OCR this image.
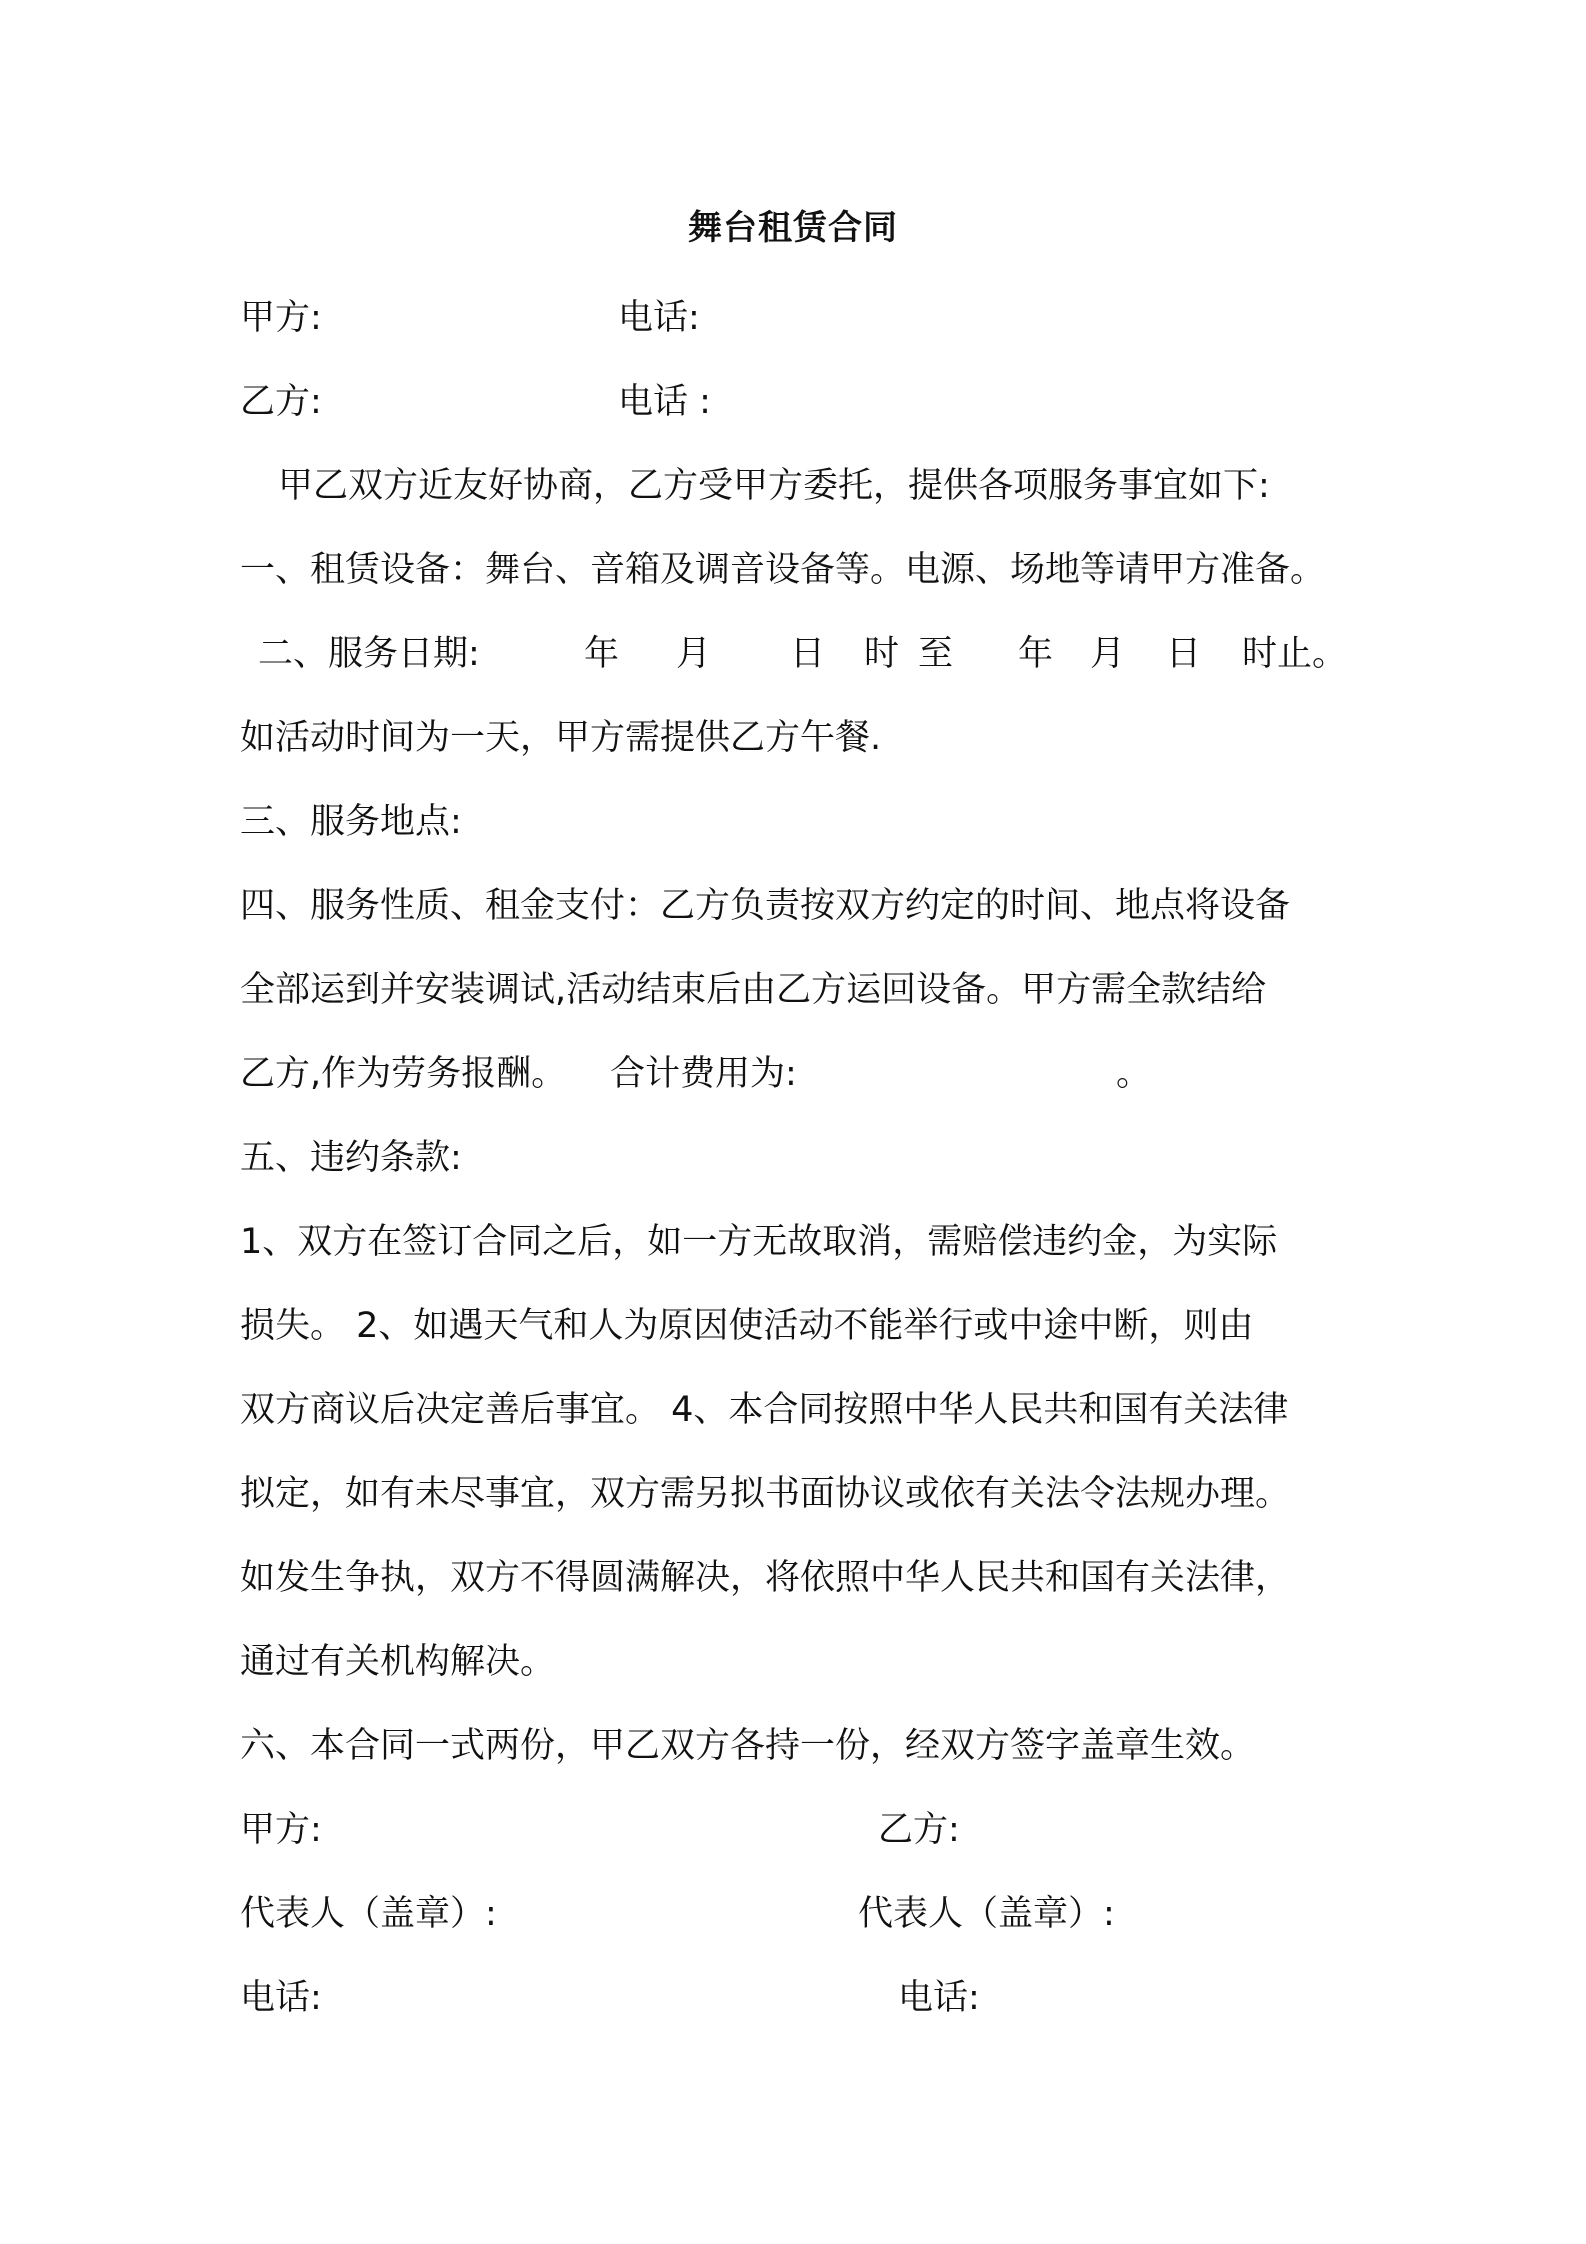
舞台租赁合同
甲方:	电话:
乙方:	电话 :
甲乙双方近友好协商，乙方受甲方委托，提供各项服务事宜如下:
一、租赁设备：舞台、音箱及调音设备等。电源、场地等请甲方准备。
二、服务日期:	年 月 日 时 至 年 月 日 时止。
如活动时间为一天，甲方需提供乙方午餐.
三、服务地点:
四、服务性质、租金支付：乙方负责按双方约定的时间、地点将设备
全部运到并安装调试,活动结束后由乙方运回设备。甲方需全款结给
乙方,作为劳务报酬。 合计费用为:	。
五、违约条款:
1、双方在签订合同之后，如一方无故取消，需赔偿违约金，为实际
损失。 2、如遇天气和人为原因使活动不能举行或中途中断，则由
双方商议后决定善后事宜。 4、本合同按照中华人民共和国有关法律
拟定，如有未尽事宜，双方需另拟书面协议或依有关法令法规办理。
如发生争执，双方不得圆满解决，将依照中华人民共和国有关法律，
通过有关机构解决。
六、本合同一式两份，甲乙双方各持一份，经双方签字盖章生效。
甲方:	乙方:
代表人（盖章）:	代表人（盖章）:
电话:	电话:
